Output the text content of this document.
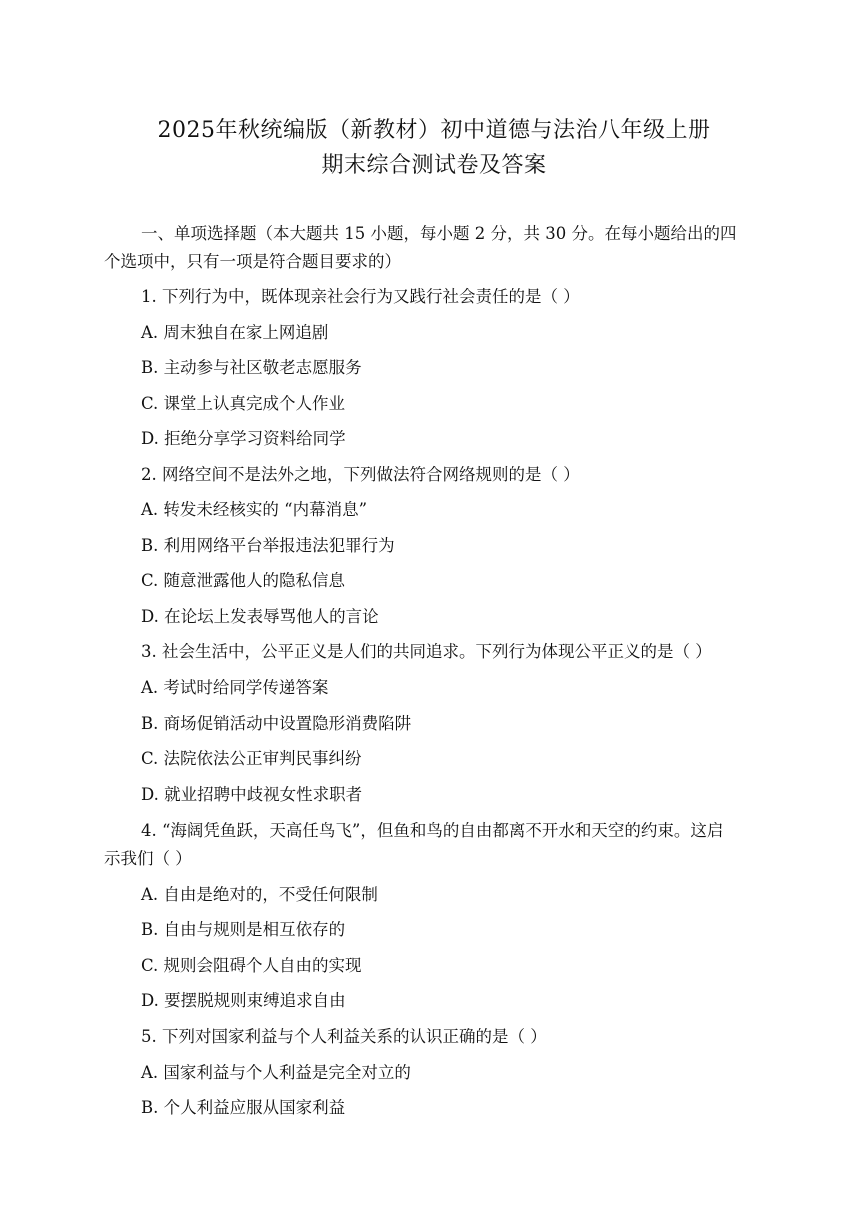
2025年秋统编版（新教材）初中道德与法治八年级上册
期末综合测试卷及答案
一、单项选择题（本大题共 15 小题，每小题 2 分，共 30 分。在每小题给出的四
个选项中，只有一项是符合题目要求的）
1. 下列行为中，既体现亲社会行为又践行社会责任的是（ ）
A. 周末独自在家上网追剧
B. 主动参与社区敬老志愿服务
C. 课堂上认真完成个人作业
D. 拒绝分享学习资料给同学
2. 网络空间不是法外之地，下列做法符合网络规则的是（ ）
A. 转发未经核实的 “内幕消息”
B. 利用网络平台举报违法犯罪行为
C. 随意泄露他人的隐私信息
D. 在论坛上发表辱骂他人的言论
3. 社会生活中，公平正义是人们的共同追求。下列行为体现公平正义的是（ ）
A. 考试时给同学传递答案
B. 商场促销活动中设置隐形消费陷阱
C. 法院依法公正审判民事纠纷
D. 就业招聘中歧视女性求职者
4. “海阔凭鱼跃，天高任鸟飞”，但鱼和鸟的自由都离不开水和天空的约束。这启
示我们（ ）
A. 自由是绝对的，不受任何限制
B. 自由与规则是相互依存的
C. 规则会阻碍个人自由的实现
D. 要摆脱规则束缚追求自由
5. 下列对国家利益与个人利益关系的认识正确的是（ ）
A. 国家利益与个人利益是完全对立的
B. 个人利益应服从国家利益
